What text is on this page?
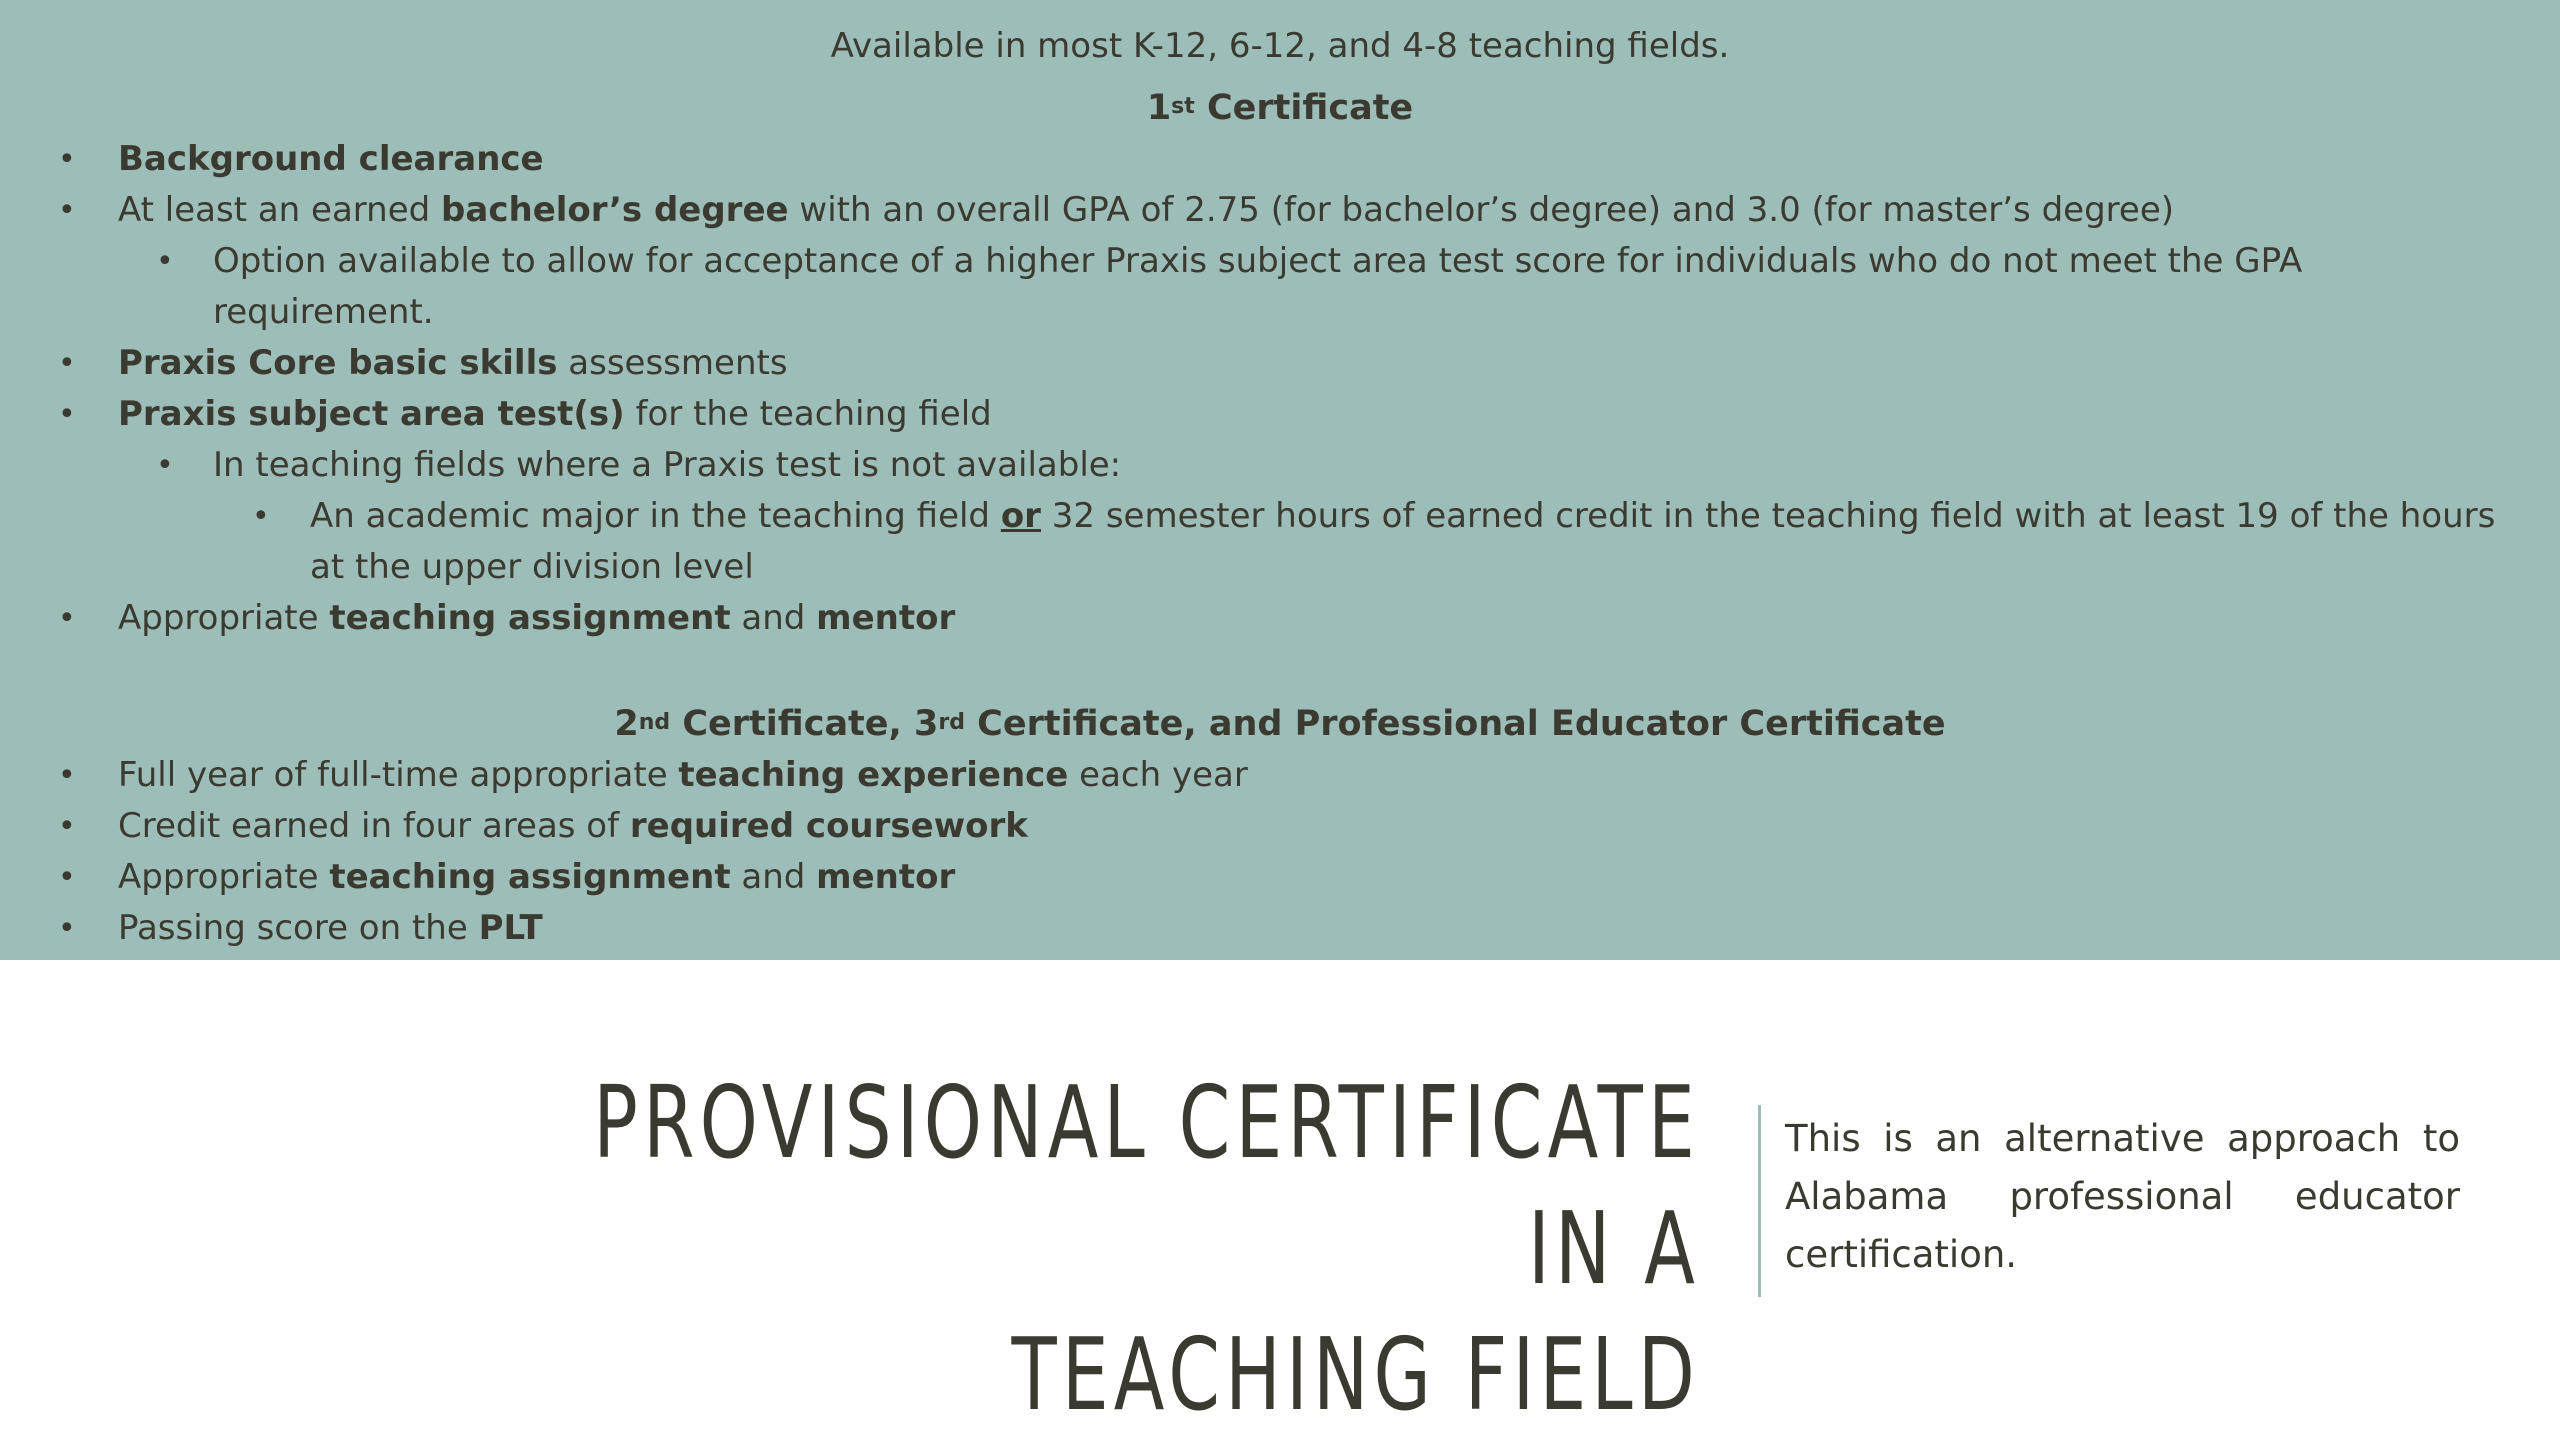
Available in most K-12, 6-12, and 4-8 teaching fields.
1st Certificate
• Background clearance
• At least an earned bachelor’s degree with an overall GPA of 2.75 (for bachelor’s degree) and 3.0 (for master’s degree)
• Option available to allow for acceptance of a higher Praxis subject area test score for individuals who do not meet the GPA requirement.
• Praxis Core basic skills assessments
• Praxis subject area test(s) for the teaching field
• In teaching fields where a Praxis test is not available:
• An academic major in the teaching field or 32 semester hours of earned credit in the teaching field with at least 19 of the hours at the upper division level
• Appropriate teaching assignment and mentor
2nd Certificate, 3rd Certificate, and Professional Educator Certificate
• Full year of full-time appropriate teaching experience each year
• Credit earned in four areas of required coursework
• Appropriate teaching assignment and mentor
• Passing score on the PLT
PROVISIONAL CERTIFICATE IN A
TEACHING FIELD
This is an alternative approach to Alabama professional educator certification.
